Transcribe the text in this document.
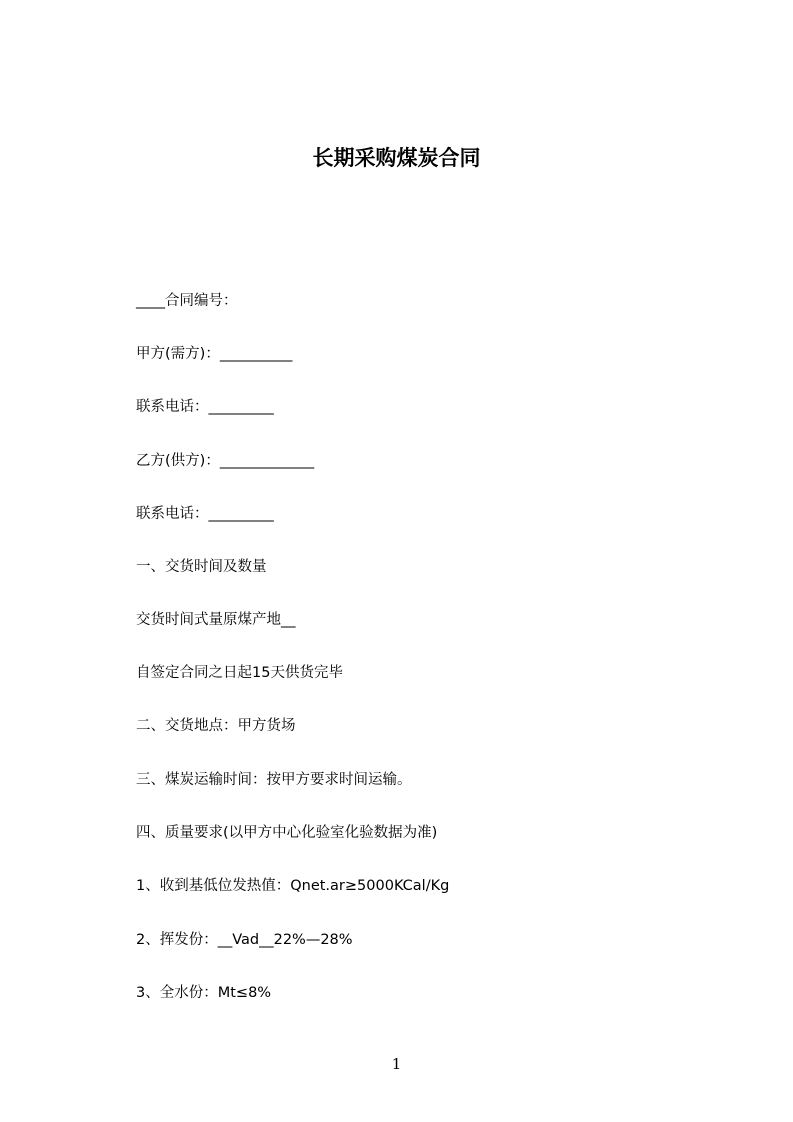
长期采购煤炭合同
____合同编号：
甲方(需方)：__________
联系电话：_________
乙方(供方)：_____________
联系电话：_________
一、交货时间及数量
交货时间式量原煤产地__
自签定合同之日起15天供货完毕
二、交货地点：甲方货场
三、煤炭运输时间：按甲方要求时间运输。
四、质量要求(以甲方中心化验室化验数据为准)
1、收到基低位发热值：Qnet.ar≥5000KCal/Kg
2、挥发份：__Vad__22%—28%
3、全水份：Mt≤8%
1
